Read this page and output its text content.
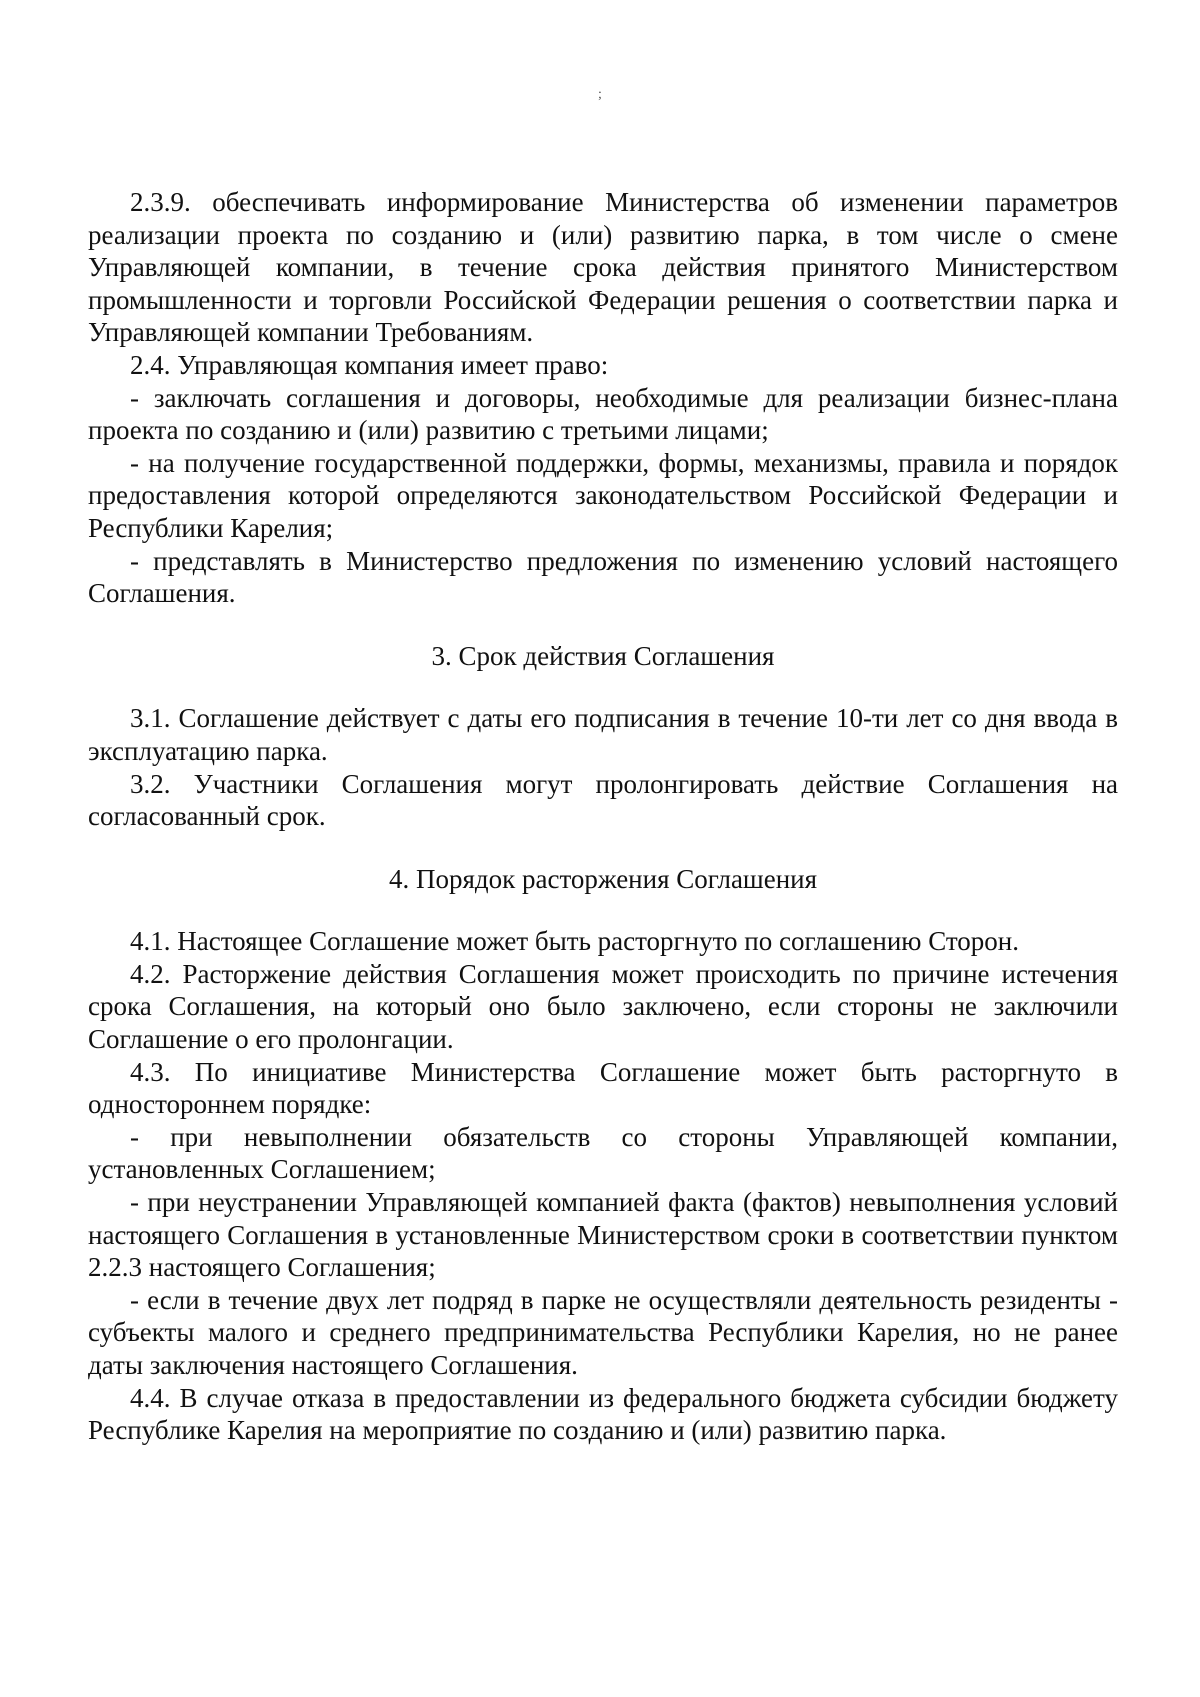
;

2.3.9. обеспечивать информирование Министерства об изменении параметров реализации проекта по созданию и (или) развитию парка, в том числе о смене Управляющей компании, в течение срока действия принятого Министерством промышленности и торговли Российской Федерации решения о соответствии парка и Управляющей компании Требованиям.

2.4. Управляющая компания имеет право:

- заключать соглашения и договоры, необходимые для реализации бизнес-плана проекта по созданию и (или) развитию с третьими лицами;

- на получение государственной поддержки, формы, механизмы, правила и порядок предоставления которой определяются законодательством Российской Федерации и Республики Карелия;

- представлять в Министерство предложения по изменению условий настоящего Соглашения.

3. Срок действия Соглашения

3.1. Соглашение действует с даты его подписания в течение 10-ти лет со дня ввода в эксплуатацию парка.

3.2. Участники Соглашения могут пролонгировать действие Соглашения на согласованный срок.

4. Порядок расторжения Соглашения

4.1. Настоящее Соглашение может быть расторгнуто по соглашению Сторон.

4.2. Расторжение действия Соглашения может происходить по причине истечения срока Соглашения, на который оно было заключено, если стороны не заключили Соглашение о его пролонгации.

4.3. По инициативе Министерства Соглашение может быть расторгнуто в одностороннем порядке:

- при невыполнении обязательств со стороны Управляющей компании, установленных Соглашением;

- при неустранении Управляющей компанией факта (фактов) невыполнения условий настоящего Соглашения в установленные Министерством сроки в соответствии пунктом 2.2.3 настоящего Соглашения;

- если в течение двух лет подряд в парке не осуществляли деятельность резиденты - субъекты малого и среднего предпринимательства Республики Карелия, но не ранее даты заключения настоящего Соглашения.

4.4. В случае отказа в предоставлении из федерального бюджета субсидии бюджету Республике Карелия на мероприятие по созданию и (или) развитию парка.
